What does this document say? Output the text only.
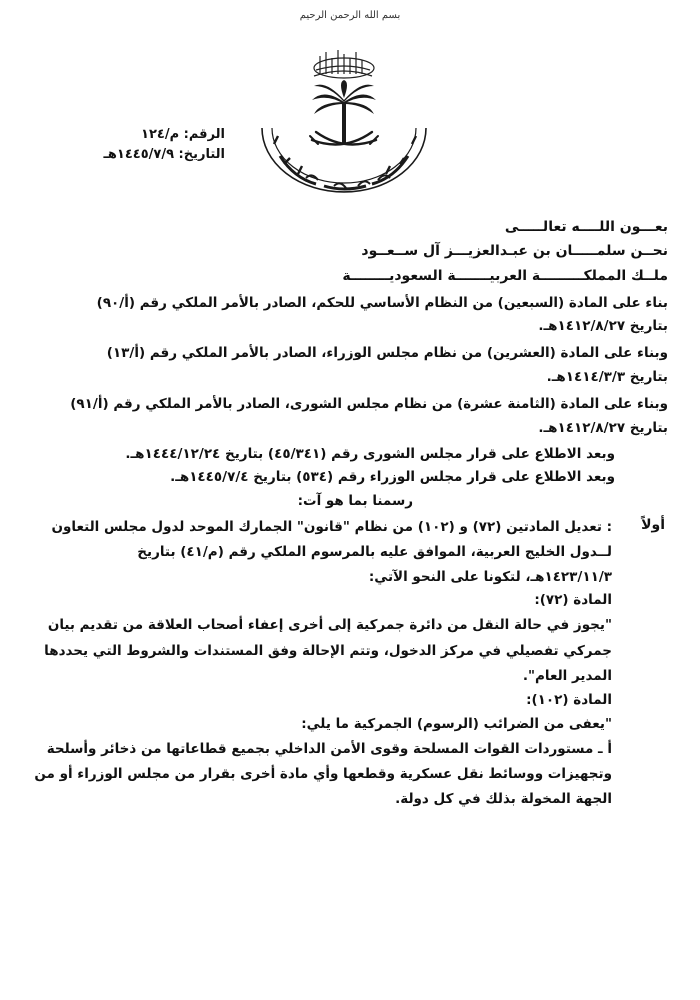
بسم الله الرحمن الرحيم
الرقم: م/١٢٤
التاريخ: ١٤٤٥/٧/٩هـ
بعـــون اللــــه تعالـــــى
نحــن سلمـــــان بن عبـدالعزيـــز آل ســعــود
ملــك المملكـــــــــة العربيـــــــة السعوديــــــــة
بناء على المادة (السبعين) من النظام الأساسي للحكم، الصادر بالأمر الملكي رقم (أ/٩٠)
بتاريخ ١٤١٢/٨/٢٧هـ.
وبناء على المادة (العشرين) من نظام مجلس الوزراء، الصادر بالأمر الملكي رقم (أ/١٣)
بتاريخ ١٤١٤/٣/٣هـ.
وبناء على المادة (الثامنة عشرة) من نظام مجلس الشورى، الصادر بالأمر الملكي رقم (أ/٩١)
بتاريخ ١٤١٢/٨/٢٧هـ.
وبعد الاطلاع على قرار مجلس الشورى رقم (٤٥/٣٤١) بتاريخ ١٤٤٤/١٢/٢٤هـ.
وبعد الاطلاع على قرار مجلس الوزراء رقم (٥٣٤) بتاريخ ١٤٤٥/٧/٤هـ.
رسمنا بما هو آت:
أولاً
: تعديل المادتين (٧٢) و (١٠٢) من نظام "قانون" الجمارك الموحد لدول مجلس التعاون
لــدول الخليج العربية، الموافق عليه بالمرسوم الملكي رقم (م/٤١) بتاريخ
١٤٢٣/١١/٣هـ، لتكونا على النحو الآتي:
المادة (٧٢):
"يجوز في حالة النقل من دائرة جمركية إلى أخرى إعفاء أصحاب العلاقة من تقديم بيان
جمركي تفصيلي في مركز الدخول، وتتم الإحالة وفق المستندات والشروط التي يحددها
المدير العام".
المادة (١٠٢):
"يعفى من الضرائب (الرسوم) الجمركية ما يلي:
أ ـ مستوردات القوات المسلحة وقوى الأمن الداخلي بجميع قطاعاتها من ذخائر وأسلحة
وتجهيزات ووسائط نقل عسكرية وقطعها وأي مادة أخرى بقرار من مجلس الوزراء أو من
الجهة المخولة بذلك في كل دولة.
